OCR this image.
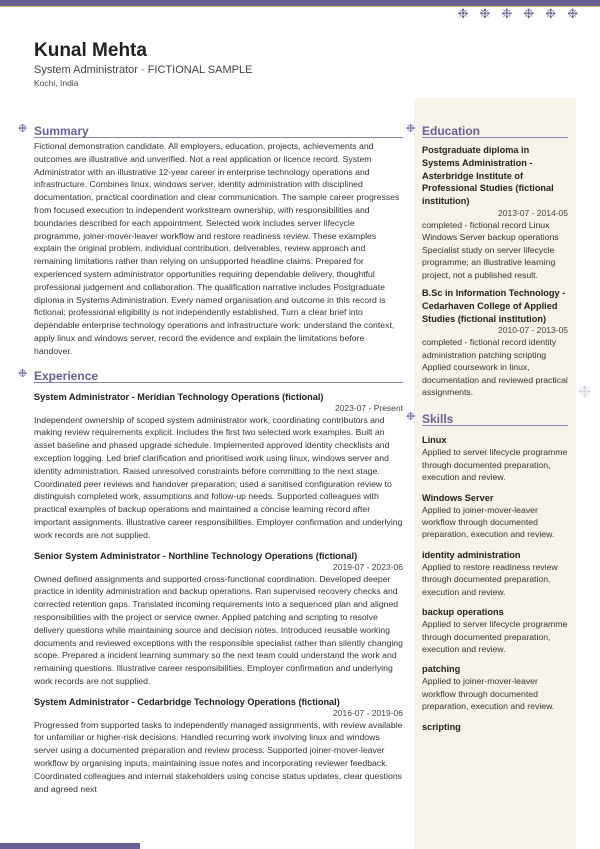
❉ ❉ ❉ ❉ ❉ ❉
Kunal Mehta
System Administrator · FICTIONAL SAMPLE
Kochi, India
❉ Summary
Fictional demonstration candidate. All employers, education, projects, achievements and outcomes are illustrative and unverified. Not a real application or licence record. System Administrator with an illustrative 12-year career in enterprise technology operations and infrastructure. Combines linux, windows server, identity administration with disciplined documentation, practical coordination and clear communication. The sample career progresses from focused execution to independent workstream ownership, with responsibilities and boundaries described for each appointment. Selected work includes server lifecycle programme, joiner-mover-leaver workflow and restore readiness review. These examples explain the original problem, individual contribution, deliverables, review approach and remaining limitations rather than relying on unsupported headline claims. Prepared for experienced system administrator opportunities requiring dependable delivery, thoughtful professional judgement and collaboration. The qualification narrative includes Postgraduate diploma in Systems Administration. Every named organisation and outcome in this record is fictional; professional eligibility is not independently established. Turn a clear brief into dependable enterprise technology operations and infrastructure work: understand the context, apply linux and windows server, record the evidence and explain the limitations before handover.
❉ Experience
System Administrator - Meridian Technology Operations (fictional)
2023-07 - Present
Independent ownership of scoped system administrator work, coordinating contributors and making review requirements explicit. Includes the first two selected work examples. Built an asset baseline and phased upgrade schedule. Implemented approved identity checklists and exception logging. Led brief clarification and prioritised work using linux, windows server and identity administration. Raised unresolved constraints before committing to the next stage. Coordinated peer reviews and handover preparation; used a sanitised configuration review to distinguish completed work, assumptions and follow-up needs. Supported colleagues with practical examples of backup operations and maintained a concise learning record after important assignments. Illustrative career responsibilities. Employer confirmation and underlying work records are not supplied.
Senior System Administrator - Northline Technology Operations (fictional)
2019-07 - 2023-06
Owned defined assignments and supported cross-functional coordination. Developed deeper practice in identity administration and backup operations. Ran supervised recovery checks and corrected retention gaps. Translated incoming requirements into a sequenced plan and aligned responsibilities with the project or service owner. Applied patching and scripting to resolve delivery questions while maintaining source and decision notes. Introduced reusable working documents and reviewed exceptions with the responsible specialist rather than silently changing scope. Prepared a incident learning summary so the next team could understand the work and remaining questions. Illustrative career responsibilities. Employer confirmation and underlying work records are not supplied.
System Administrator - Cedarbridge Technology Operations (fictional)
2016-07 - 2019-06
Progressed from supported tasks to independently managed assignments, with review available for unfamiliar or higher-risk decisions. Handled recurring work involving linux and windows server using a documented preparation and review process. Supported joiner-mover-leaver workflow by organising inputs, maintaining issue notes and incorporating reviewer feedback. Coordinated colleagues and internal stakeholders using concise status updates, clear questions and agreed next
❉ Education
Postgraduate diploma in Systems Administration - Asterbridge Institute of Professional Studies (fictional institution)
2013-07 - 2014-05
completed - fictional record Linux Windows Server backup operations Specialist study on server lifecycle programme; an illustrative learning project, not a published result.
B.Sc in Information Technology - Cedarhaven College of Applied Studies (fictional institution)
2010-07 - 2013-05
completed - fictional record identity administration patching scripting Applied coursework in linux, documentation and reviewed practical assignments.
❉ Skills
Linux
Applied to server lifecycle programme through documented preparation, execution and review.
Windows Server
Applied to joiner-mover-leaver workflow through documented preparation, execution and review.
identity administration
Applied to restore readiness review through documented preparation, execution and review.
backup operations
Applied to server lifecycle programme through documented preparation, execution and review.
patching
Applied to joiner-mover-leaver workflow through documented preparation, execution and review.
scripting
❉
